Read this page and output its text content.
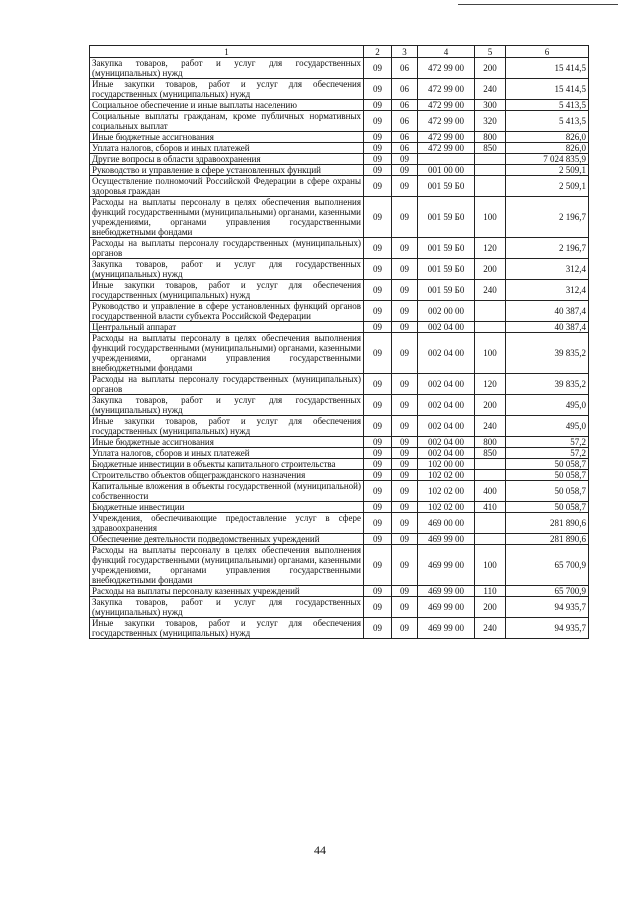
1	2	3	4	5	6
Закупка товаров, работ и услуг для государственных (муниципальных) нужд	09	06	472 99 00	200	15 414,5
Иные закупки товаров, работ и услуг для обеспечения государственных (муниципальных) нужд	09	06	472 99 00	240	15 414,5
Социальное обеспечение и иные выплаты населению	09	06	472 99 00	300	5 413,5
Социальные выплаты гражданам, кроме публичных нормативных социальных выплат	09	06	472 99 00	320	5 413,5
Иные бюджетные ассигнования	09	06	472 99 00	800	826,0
Уплата налогов, сборов и иных платежей	09	06	472 99 00	850	826,0
Другие вопросы в области здравоохранения	09	09			7 024 835,9
Руководство и управление в сфере установленных функций	09	09	001 00 00		2 509,1
Осуществление полномочий Российской Федерации в сфере охраны здоровья граждан	09	09	001 59 Б0		2 509,1
Расходы на выплаты персоналу в целях обеспечения выполнения функций государственными (муниципальными) органами, казенными учреждениями, органами управления государственными внебюджетными фондами	09	09	001 59 Б0	100	2 196,7
Расходы на выплаты персоналу государственных (муниципальных) органов	09	09	001 59 Б0	120	2 196,7
Закупка товаров, работ и услуг для государственных (муниципальных) нужд	09	09	001 59 Б0	200	312,4
Иные закупки товаров, работ и услуг для обеспечения государственных (муниципальных) нужд	09	09	001 59 Б0	240	312,4
Руководство и управление в сфере установленных функций органов государственной власти субъекта Российской Федерации	09	09	002 00 00		40 387,4
Центральный аппарат	09	09	002 04 00		40 387,4
Расходы на выплаты персоналу в целях обеспечения выполнения функций государственными (муниципальными) органами, казенными учреждениями, органами управления государственными внебюджетными фондами	09	09	002 04 00	100	39 835,2
Расходы на выплаты персоналу государственных (муниципальных) органов	09	09	002 04 00	120	39 835,2
Закупка товаров, работ и услуг для государственных (муниципальных) нужд	09	09	002 04 00	200	495,0
Иные закупки товаров, работ и услуг для обеспечения государственных (муниципальных) нужд	09	09	002 04 00	240	495,0
Иные бюджетные ассигнования	09	09	002 04 00	800	57,2
Уплата налогов, сборов и иных платежей	09	09	002 04 00	850	57,2
Бюджетные инвестиции в объекты капитального строительства	09	09	102 00 00		50 058,7
Строительство объектов общегражданского назначения	09	09	102 02 00		50 058,7
Капитальные вложения в объекты государственной (муниципальной) собственности	09	09	102 02 00	400	50 058,7
Бюджетные инвестиции	09	09	102 02 00	410	50 058,7
Учреждения, обеспечивающие предоставление услуг в сфере здравоохранения	09	09	469 00 00		281 890,6
Обеспечение деятельности подведомственных учреждений	09	09	469 99 00		281 890,6
Расходы на выплаты персоналу в целях обеспечения выполнения функций государственными (муниципальными) органами, казенными учреждениями, органами управления государственными внебюджетными фондами	09	09	469 99 00	100	65 700,9
Расходы на выплаты персоналу казенных учреждений	09	09	469 99 00	110	65 700,9
Закупка товаров, работ и услуг для государственных (муниципальных) нужд	09	09	469 99 00	200	94 935,7
Иные закупки товаров, работ и услуг для обеспечения государственных (муниципальных) нужд	09	09	469 99 00	240	94 935,7
44
